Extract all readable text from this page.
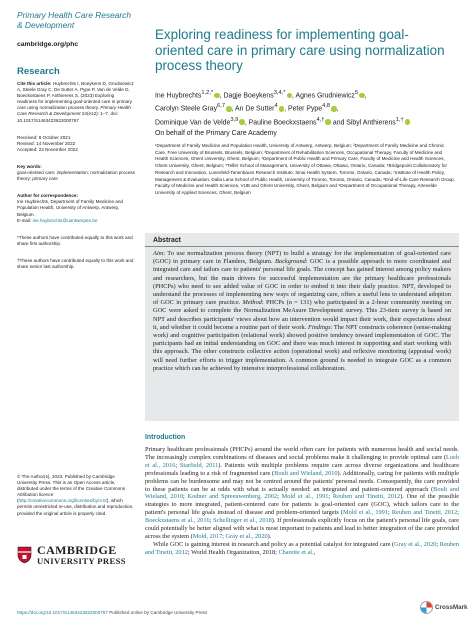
Primary Health Care Research & Development
cambridge.org/phc
Research
Cite this article: Huybrechts I, Boeykens D, Grudniewicz A, Steele Gray C, De Sutter A, Pype P, Van de Velde D, Boeckxstaens P, Anthierens S. (2023) Exploring readiness for implementing goal-oriented care in primary care using normalization process theory. Primary Health Care Research & Development 24(e12): 1–7. doi: 10.1017/S1463423622000767
Received: 8 October 2021
Revised: 14 November 2022
Accepted: 23 November 2022
Key words:
goal-oriented care; implementation; normalization process theory; primary care
Author for correspondence:
Ine Huybrechts, Department of Family Medicine and Population Health, University of Antwerp, Antwerp, Belgium.
E-mail: ine.huybrechts@uantwerpen.be
*These authors have contributed equally to this work and share first authorship.
†These authors have contributed equally to this work and share senior last authorship.
© The Author(s), 2023. Published by Cambridge University Press. This is an Open Access article, distributed under the terms of the Creative Commons Attribution licence (http://creativecommons.org/licenses/by/4.0/), which permits unrestricted re-use, distribution and reproduction, provided the original article is properly cited.
CAMBRIDGE
UNIVERSITY PRESS
Exploring readiness for implementing goal-oriented care in primary care using normalization process theory
Ine Huybrechts$^{1,2,*}$ , Dagje Boeykens$^{3,4,*}$ , Agnes Grudniewicz$^5$ ,
Carolyn Steele Gray$^{6,7}$ , An De Sutter$^4$ , Peter Pype$^{4,8}$ ,
Dominique Van de Velde$^{3,9}$ , Pauline Boeckxstaens$^{4,\dagger}$ and Sibyl Anthierens$^{1,\dagger}$
On behalf of the Primary Care Academy
¹Department of Family Medicine and Population Health, University of Antwerp, Antwerp, Belgium; ²Department of Family Medicine and Chronic Care, Free University of Brussels, Brussels, Belgium; ³Department of Rehabilitation Sciences, Occupational Therapy, Faculty of Medicine and Health Sciences, Ghent University, Ghent, Belgium; ⁴Department of Public Health and Primary Care, Faculty of Medicine and Health Sciences, Ghent University, Ghent, Belgium; ⁵Telfer School of Management, University of Ottawa, Ottawa, Ontario, Canada; ⁶Bridgepoint Collaboratory for Research and Innovation, Lunenfeld-Tanenbaum Research Institute, Sinai Health System, Toronto, Ontario, Canada; ⁷Institute of Health Policy, Management & Evaluation, Dalla Lana School of Public Health, University of Toronto, Toronto, Ontario, Canada; ⁸End-of-Life Care Research Group, Faculty of Medicine and Health Sciences, VUB and Ghent University, Ghent, Belgium and ⁹Department of Occupational Therapy, Artevelde University of Applied Sciences, Ghent, Belgium
Abstract
Aim: To use normalization process theory (NPT) to build a strategy for the implementation of goal-oriented care (GOC) in primary care in Flanders, Belgium. Background: GOC is a possible approach to more coordinated and integrated care and tailors care to patients' personal life goals. The concept has gained interest among policy makers and researchers, but the main drivers for successful implementation are the primary healthcare professionals (PHCPs) who need to see added value of GOC in order to embed it into their daily practice. NPT, developed to understand the processes of implementing new ways of organizing care, offers a useful lens to understand adoption of GOC in primary care practice. Method: PHCPs (n = 131) who participated in a 2-hour community meeting on GOC were asked to complete the Normalization MeAsure Development survey. This 23-item survey is based on NPT and describes participants' views about how an intervention would impact their work, their expectations about it, and whether it could become a routine part of their work. Findings: The NPT constructs coherence (sense-making work) and cognitive participation (relational work) showed positive tendency toward implementation of GOC. The participants had an initial understanding on GOC and there was much interest in supporting and start working with this approach. The other constructs collective action (operational work) and reflexive monitoring (appraisal work) will need further efforts to trigger implementation. A common ground is needed to integrate GOC as a common practice which can be achieved by intensive interprofessional collaboration.
Introduction

Primary healthcare professionals (PHCPs) around the world often care for patients with numerous health and social needs. The increasingly complex combinations of diseases and social problems make it challenging to provide optimal care (Loeb et al., 2016; Starfield, 2011). Patients with multiple problems require care across diverse organizations and healthcare professionals leading to a risk of fragmented care (Boult and Wieland, 2010). Additionally, caring for patients with multiple problems can be burdensome and may not be centred around the patients' personal needs. Consequently, the care provided to these patients can be at odds with what is actually needed: an integrated and patient-centered approach (Boult and Wieland, 2010; Kodner and Spreeuwenberg, 2002; Mold et al., 1991; Reuben and Tinetti, 2012). One of the possible strategies to more integrated, patient-centered care for patients is goal-oriented care (GOC), which tailors care to the patient's personal life goals instead of disease and problem-oriented targets (Mold et al., 1991; Reuben and Tinetti, 2012; Boeckxstaens et al., 2016; Schellinger et al., 2018). If professionals explicitly focus on the patient's personal life goals, care could potentially be better aligned with what is most important to patients and lead to better integration of the care provided across the system (Mold, 2017; Gray et al., 2020).

While GOC is gaining interest in research and policy as a potential catalyst for integrated care (Gray et al., 2020; Reuben and Tinetti, 2012; World Health Organization, 2018; Charette et al.,

https://doi.org/10.1017/S1463423622000767 Published online by Cambridge University Press
CrossMark
